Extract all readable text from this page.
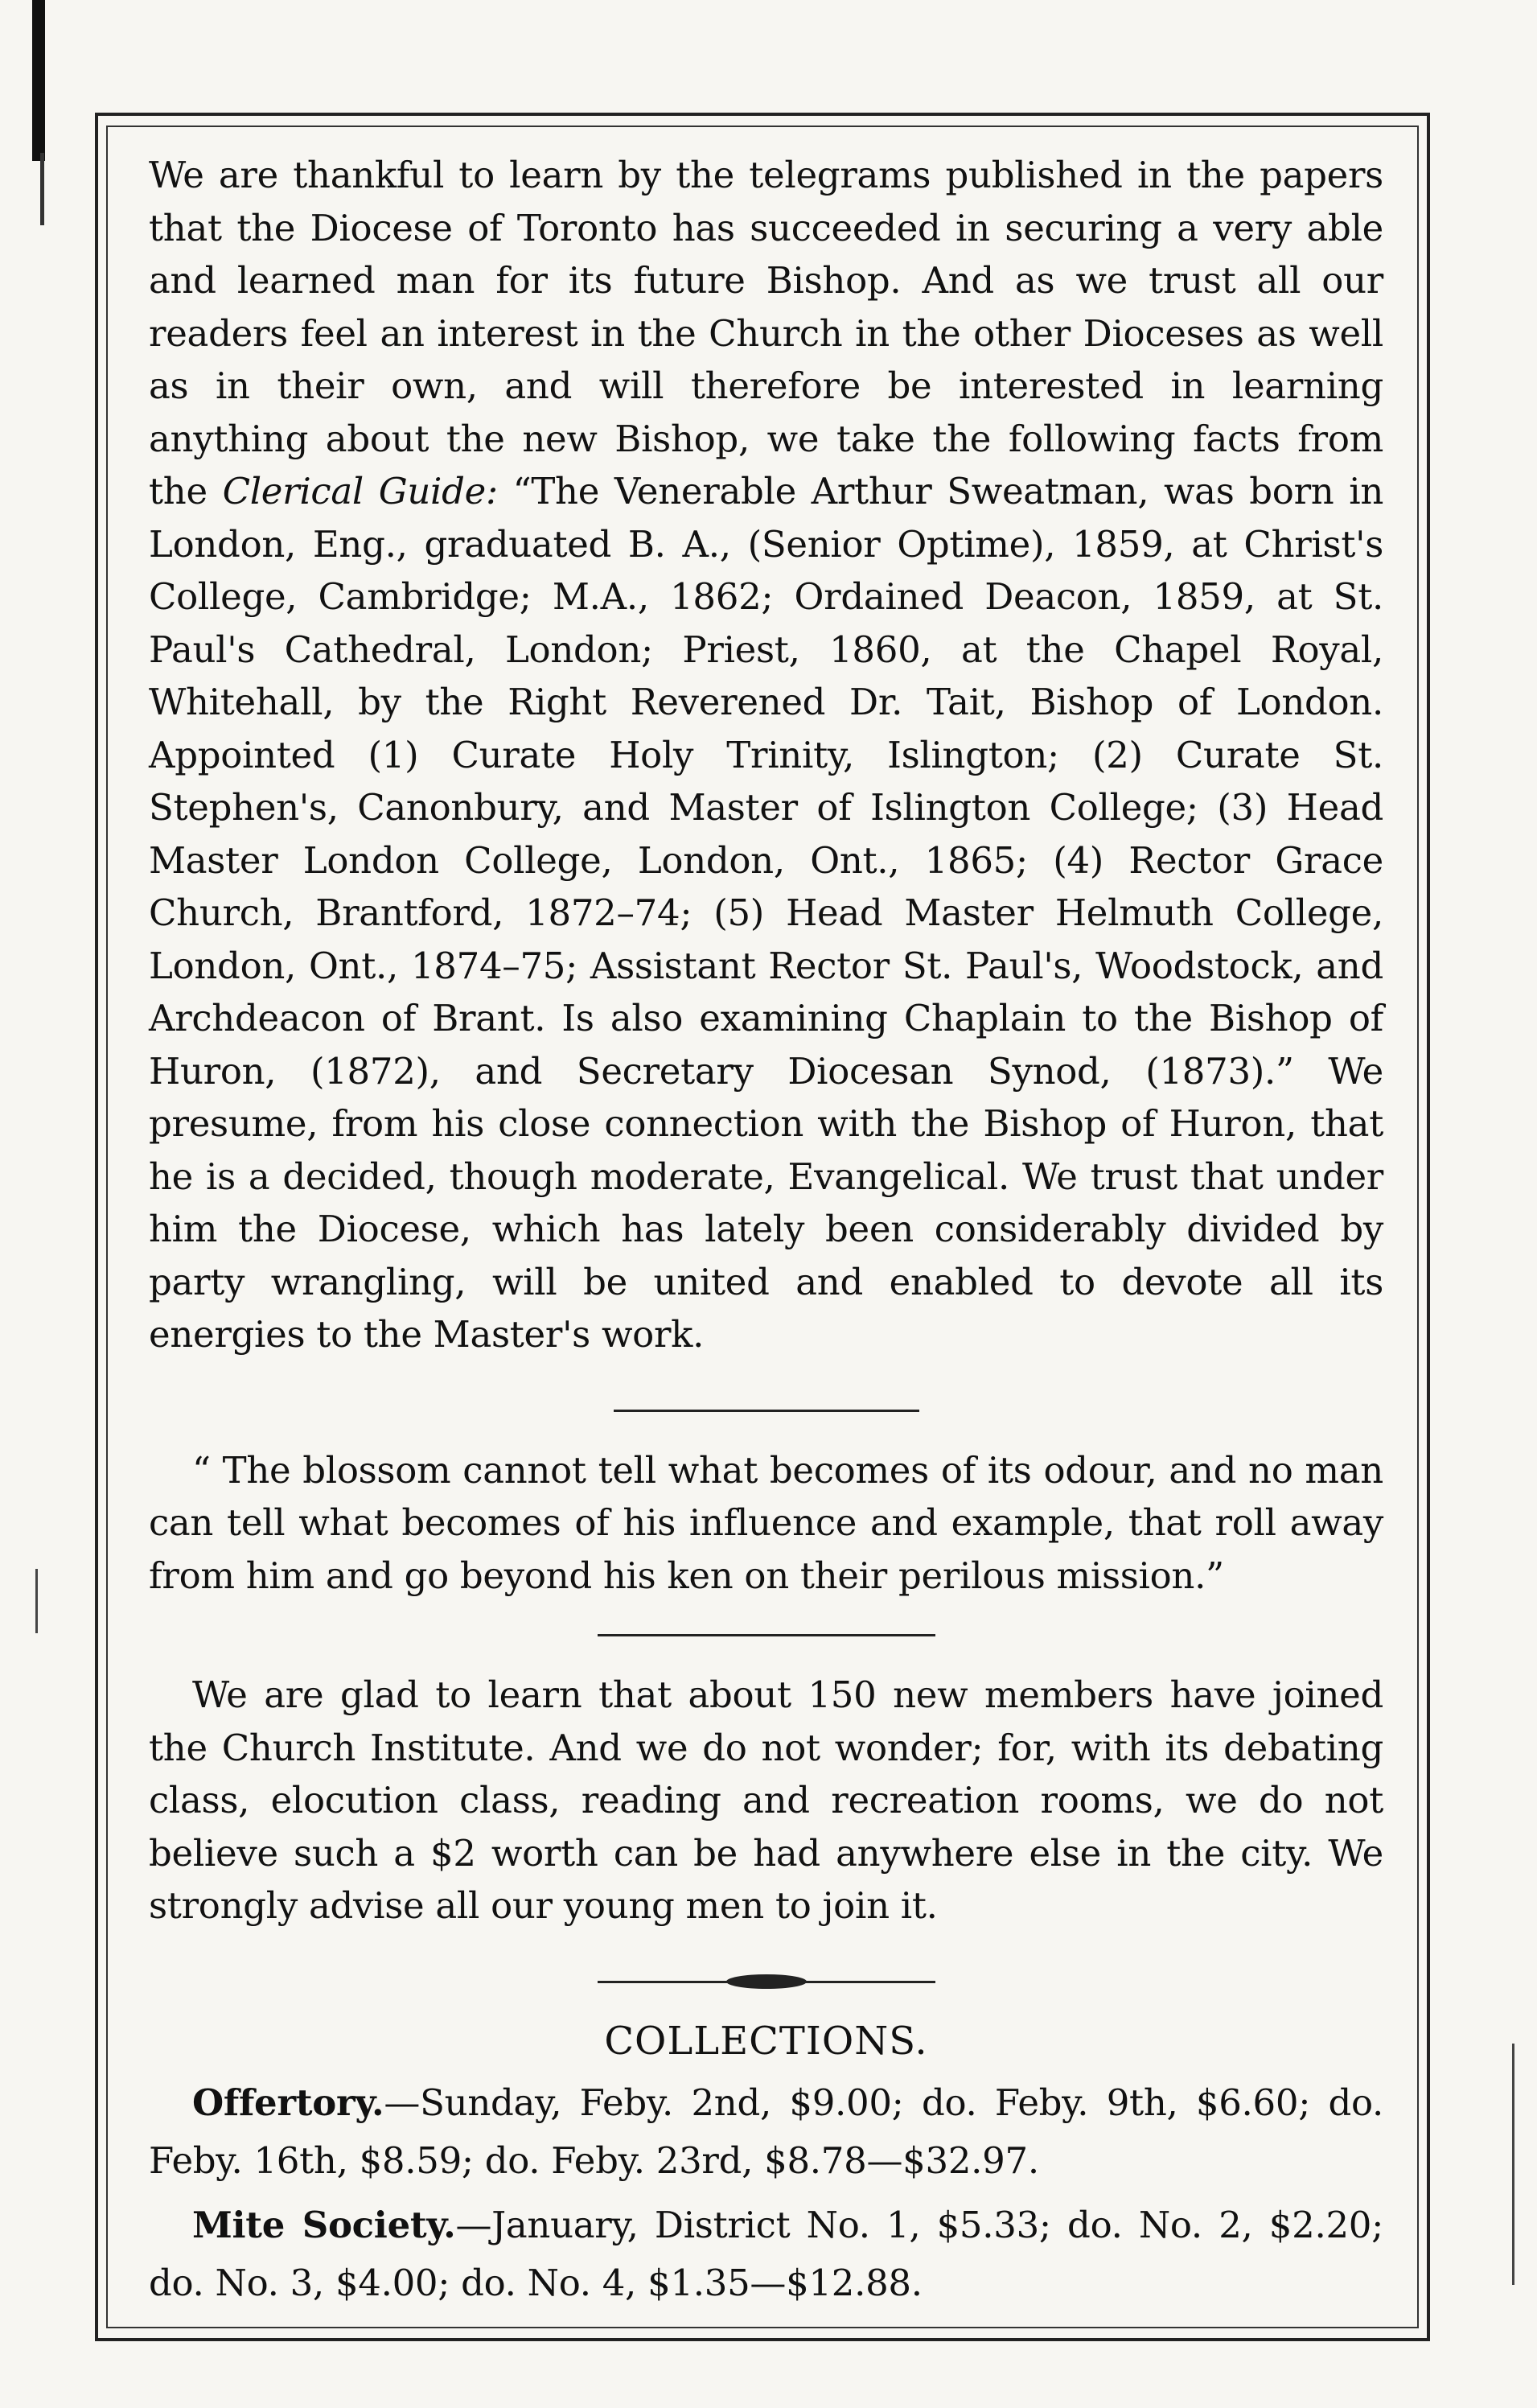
We are thankful to learn by the telegrams published in the papers that the Diocese of Toronto has succeeded in securing a very able and learned man for its future Bishop. And as we trust all our readers feel an interest in the Church in the other Dioceses as well as in their own, and will therefore be interested in learning anything about the new Bishop, we take the following facts from the Clerical Guide: “The Venerable Arthur Sweatman, was born in London, Eng., graduated B. A., (Senior Optime), 1859, at Christ's College, Cambridge; M.A., 1862; Ordained Deacon, 1859, at St. Paul's Cathedral, London; Priest, 1860, at the Chapel Royal, Whitehall, by the Right Reverened Dr. Tait, Bishop of London. Appointed (1) Curate Holy Trinity, Islington; (2) Curate St. Stephen's, Canonbury, and Master of Islington College; (3) Head Master London College, London, Ont., 1865; (4) Rector Grace Church, Brantford, 1872–74; (5) Head Master Helmuth College, London, Ont., 1874–75; Assistant Rector St. Paul's, Woodstock, and Archdeacon of Brant. Is also examining Chaplain to the Bishop of Huron, (1872), and Secretary Diocesan Synod, (1873).” We presume, from his close connection with the Bishop of Huron, that he is a decided, though moderate, Evangelical. We trust that under him the Diocese, which has lately been considerably divided by party wrangling, will be united and enabled to devote all its energies to the Master's work.

“ The blossom cannot tell what becomes of its odour, and no man can tell what becomes of his influence and example, that roll away from him and go beyond his ken on their perilous mission.”

We are glad to learn that about 150 new members have joined the Church Institute. And we do not wonder; for, with its debating class, elocution class, reading and recreation rooms, we do not believe such a $2 worth can be had anywhere else in the city. We strongly advise all our young men to join it.

COLLECTIONS.

Offertory.—Sunday, Feby. 2nd, $9.00; do. Feby. 9th, $6.60; do. Feby. 16th, $8.59; do. Feby. 23rd, $8.78—$32.97.

Mite Society.—January, District No. 1, $5.33; do. No. 2, $2.20; do. No. 3, $4.00; do. No. 4, $1.35—$12.88.
